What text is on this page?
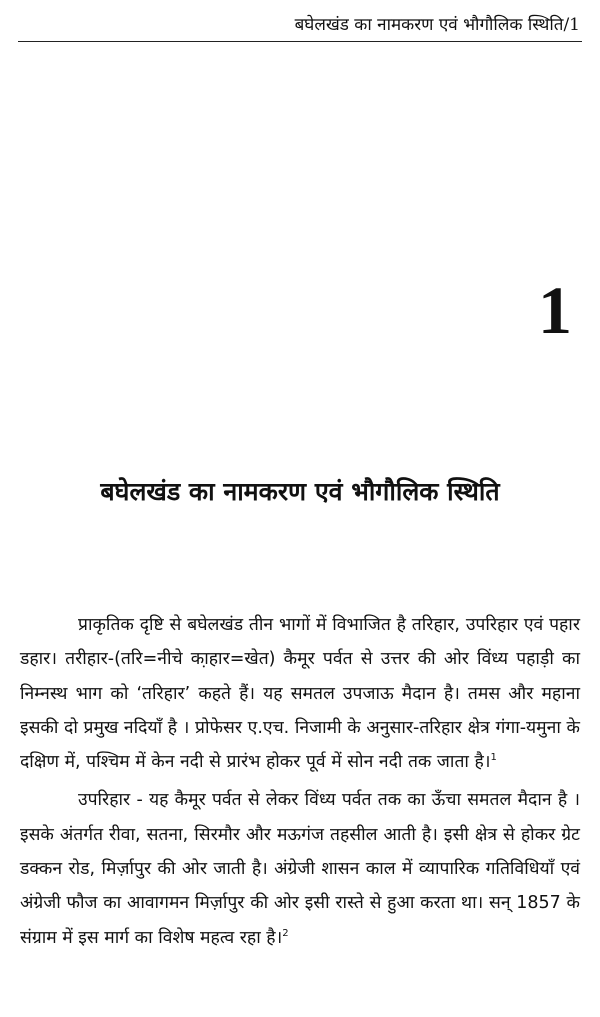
बघेलखंड का नामकरण एवं भौगौलिक स्थिति/1
1
बघेलखंड का नामकरण एवं भौगौलिक स्थिति

प्राकृतिक दृष्टि से बघेलखंड तीन भागों में विभाजित है तरिहार, उपरिहार एवं पहार डहार। तरीहार-(तरि=नीचे का़हार=खेत) कैमूर पर्वत से उत्तर की ओर विंध्य पहाड़ी का निम्नस्थ भाग को ‘तरिहार’ कहते हैं। यह समतल उपजाऊ मैदान है। तमस और महाना इसकी दो प्रमुख नदियाँ है । प्रोफेसर ए.एच. निजामी के अनुसार-तरिहार क्षेत्र गंगा-यमुना के दक्षिण में, पश्चिम में केन नदी से प्रारंभ होकर पूर्व में सोन नदी तक जाता है।$^1$

उपरिहार - यह कैमूर पर्वत से लेकर विंध्य पर्वत तक का ऊँचा समतल मैदान है । इसके अंतर्गत रीवा, सतना, सिरमौर और मऊगंज तहसील आती है। इसी क्षेत्र से होकर ग्रेट डक्कन रोड, मिर्ज़ापुर की ओर जाती है। अंग्रेजी शासन काल में व्यापारिक गतिविधियाँ एवं अंग्रेजी फौज का आवागमन मिर्ज़ापुर की ओर इसी रास्ते से हुआ करता था। सन् 1857 के संग्राम में इस मार्ग का विशेष महत्व रहा है।$^2$
